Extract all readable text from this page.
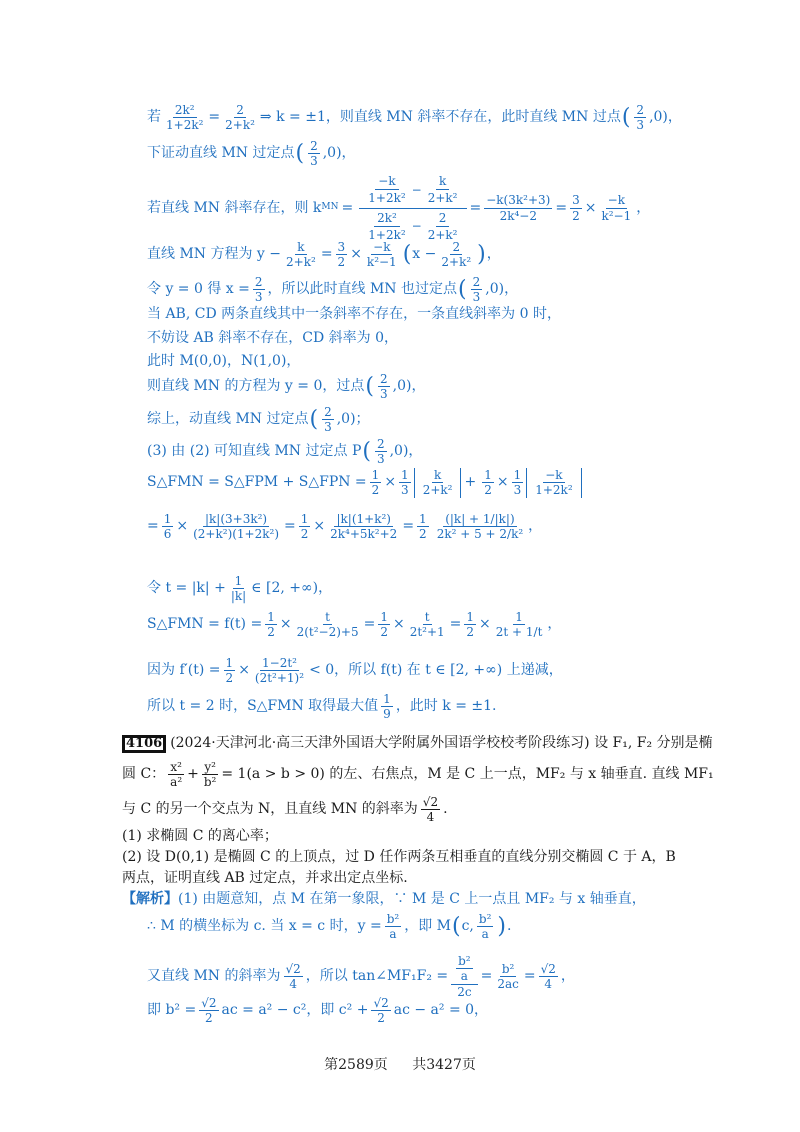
若 $\frac{\text{2k²}}{\text{1+2k²}} = \frac{2}{\text{2+k²}}$ ⇒ k = ±1，则直线 MN 斜率不存在，此时直线 MN 过点 ( $\frac{2}{3} ,0$)，
下证动直线 MN 过定点 ( $\frac{2}{3} ,0$)，
若直线 MN 斜率存在，则 k MN = $\frac{\frac{-k}{\text{1+2k²}} - \frac{k}{\text{2+k²}}}{\frac{\text{2k²}}{\text{1+2k²}} - \frac{2}{\text{2+k²}}} = \frac{\text{−k(3k²+3)}}{\text{2k⁴−2}} = \frac{3}{2} \times \frac{-k}{\text{k²−1}}$ ，
直线 MN 方程为 $y - \frac{k}{\text{2+k²}} = \frac{3}{2} \times \frac{-k}{\text{k²−1}}$ ( $x - \frac{2}{\text{2+k²}}$ ) ，
令 y = 0 得 $x = \frac{2}{3}$ ，所以此时直线 MN 也过定点 ( $\frac{2}{3} ,0$)，
当 AB, CD 两条直线其中一条斜率不存在，一条直线斜率为 0 时，
不妨设 AB 斜率不存在，CD 斜率为 0，
此时 M(0,0)，N(1,0)，
则直线 MN 的方程为 y = 0，过点 ( $\frac{2}{3} ,0$)，
综上，动直线 MN 过定点 ( $\frac{2}{3} ,0$)；
(3) 由 (2) 可知直线 MN 过定点 P ( $\frac{2}{3} ,0$)，
S△FMN = S△FPM + S△FPN = $\frac{1}{2} \times \frac{1}{3} \frac{k}{\text{2+k²}} + \frac{1}{2} \times \frac{1}{3} \frac{-k}{\text{1+2k²}}$
= $\frac{1}{6} \times \frac{\text{|k|(3+3k²)}}{\text{(2+k²)(1+2k²)}} = \frac{1}{2} \times \frac{\text{|k|(1+k²)}}{\text{2k⁴+5k²+2}} = \frac{1}{2} \frac{(|k| + 1/|k|)}{\text{2k² + 5 + 2/k²}}$ ，
令 $t = |k| + \frac{1}{|k|}$ ∈ [2, +∞)，
S△FMN = $f(t) = \frac{1}{2} \times \frac{t}{\text{2(t²−2)+5}} = \frac{1}{2} \times \frac{t}{\text{2t²+1}} = \frac{1}{2} \times \frac{1}{2t + 1/t}$ ，
因为 $f'(t) = \frac{1}{2} \times \frac{\text{1−2t²}}{\text{(2t²+1)²}} < 0$，所以 f(t) 在 t ∈ [2, +∞) 上递减，
所以 t = 2 时，S△FMN 取得最大值 $\frac{1}{9}$ ，此时 k = ±1.
4106 (2024·天津河北·高三天津外国语大学附属外国语学校校考阶段练习) 设 F₁, F₂ 分别是椭
圆 C： $\frac{\text{x²}}{\text{a²}} + \frac{\text{y²}}{\text{b²}} = 1(a > b > 0)$ 的左、右焦点，M 是 C 上一点，MF₂ 与 x 轴垂直. 直线 MF₁
与 C 的另一个交点为 N，且直线 MN 的斜率为 $\frac{√2}{4}$ .
(1) 求椭圆 C 的离心率；
(2) 设 D(0,1) 是椭圆 C 的上顶点，过 D 任作两条互相垂直的直线分别交椭圆 C 于 A，B
两点，证明直线 AB 过定点，并求出定点坐标.
【解析】 (1) 由题意知，点 M 在第一象限，∵ M 是 C 上一点且 MF₂ 与 x 轴垂直，
∴ M 的横坐标为 c. 当 x = c 时，$y = \frac{\text{b²}}{a}$ ，即 M ( c, $\frac{\text{b²}}{a}$ ) .
又直线 MN 的斜率为 $\frac{√2}{4}$ ，所以 tan∠MF₁F₂ = $\frac{\frac{\text{b²}}{a}}{2c} = \frac{\text{b²}}{2ac} = \frac{√2}{4}$ ，
即 $b^2 = \frac{√2}{2}$ ac = a² − c²，即 $c^2 + \frac{√2}{2}$ ac − a² = 0，
第2589页 共3427页
